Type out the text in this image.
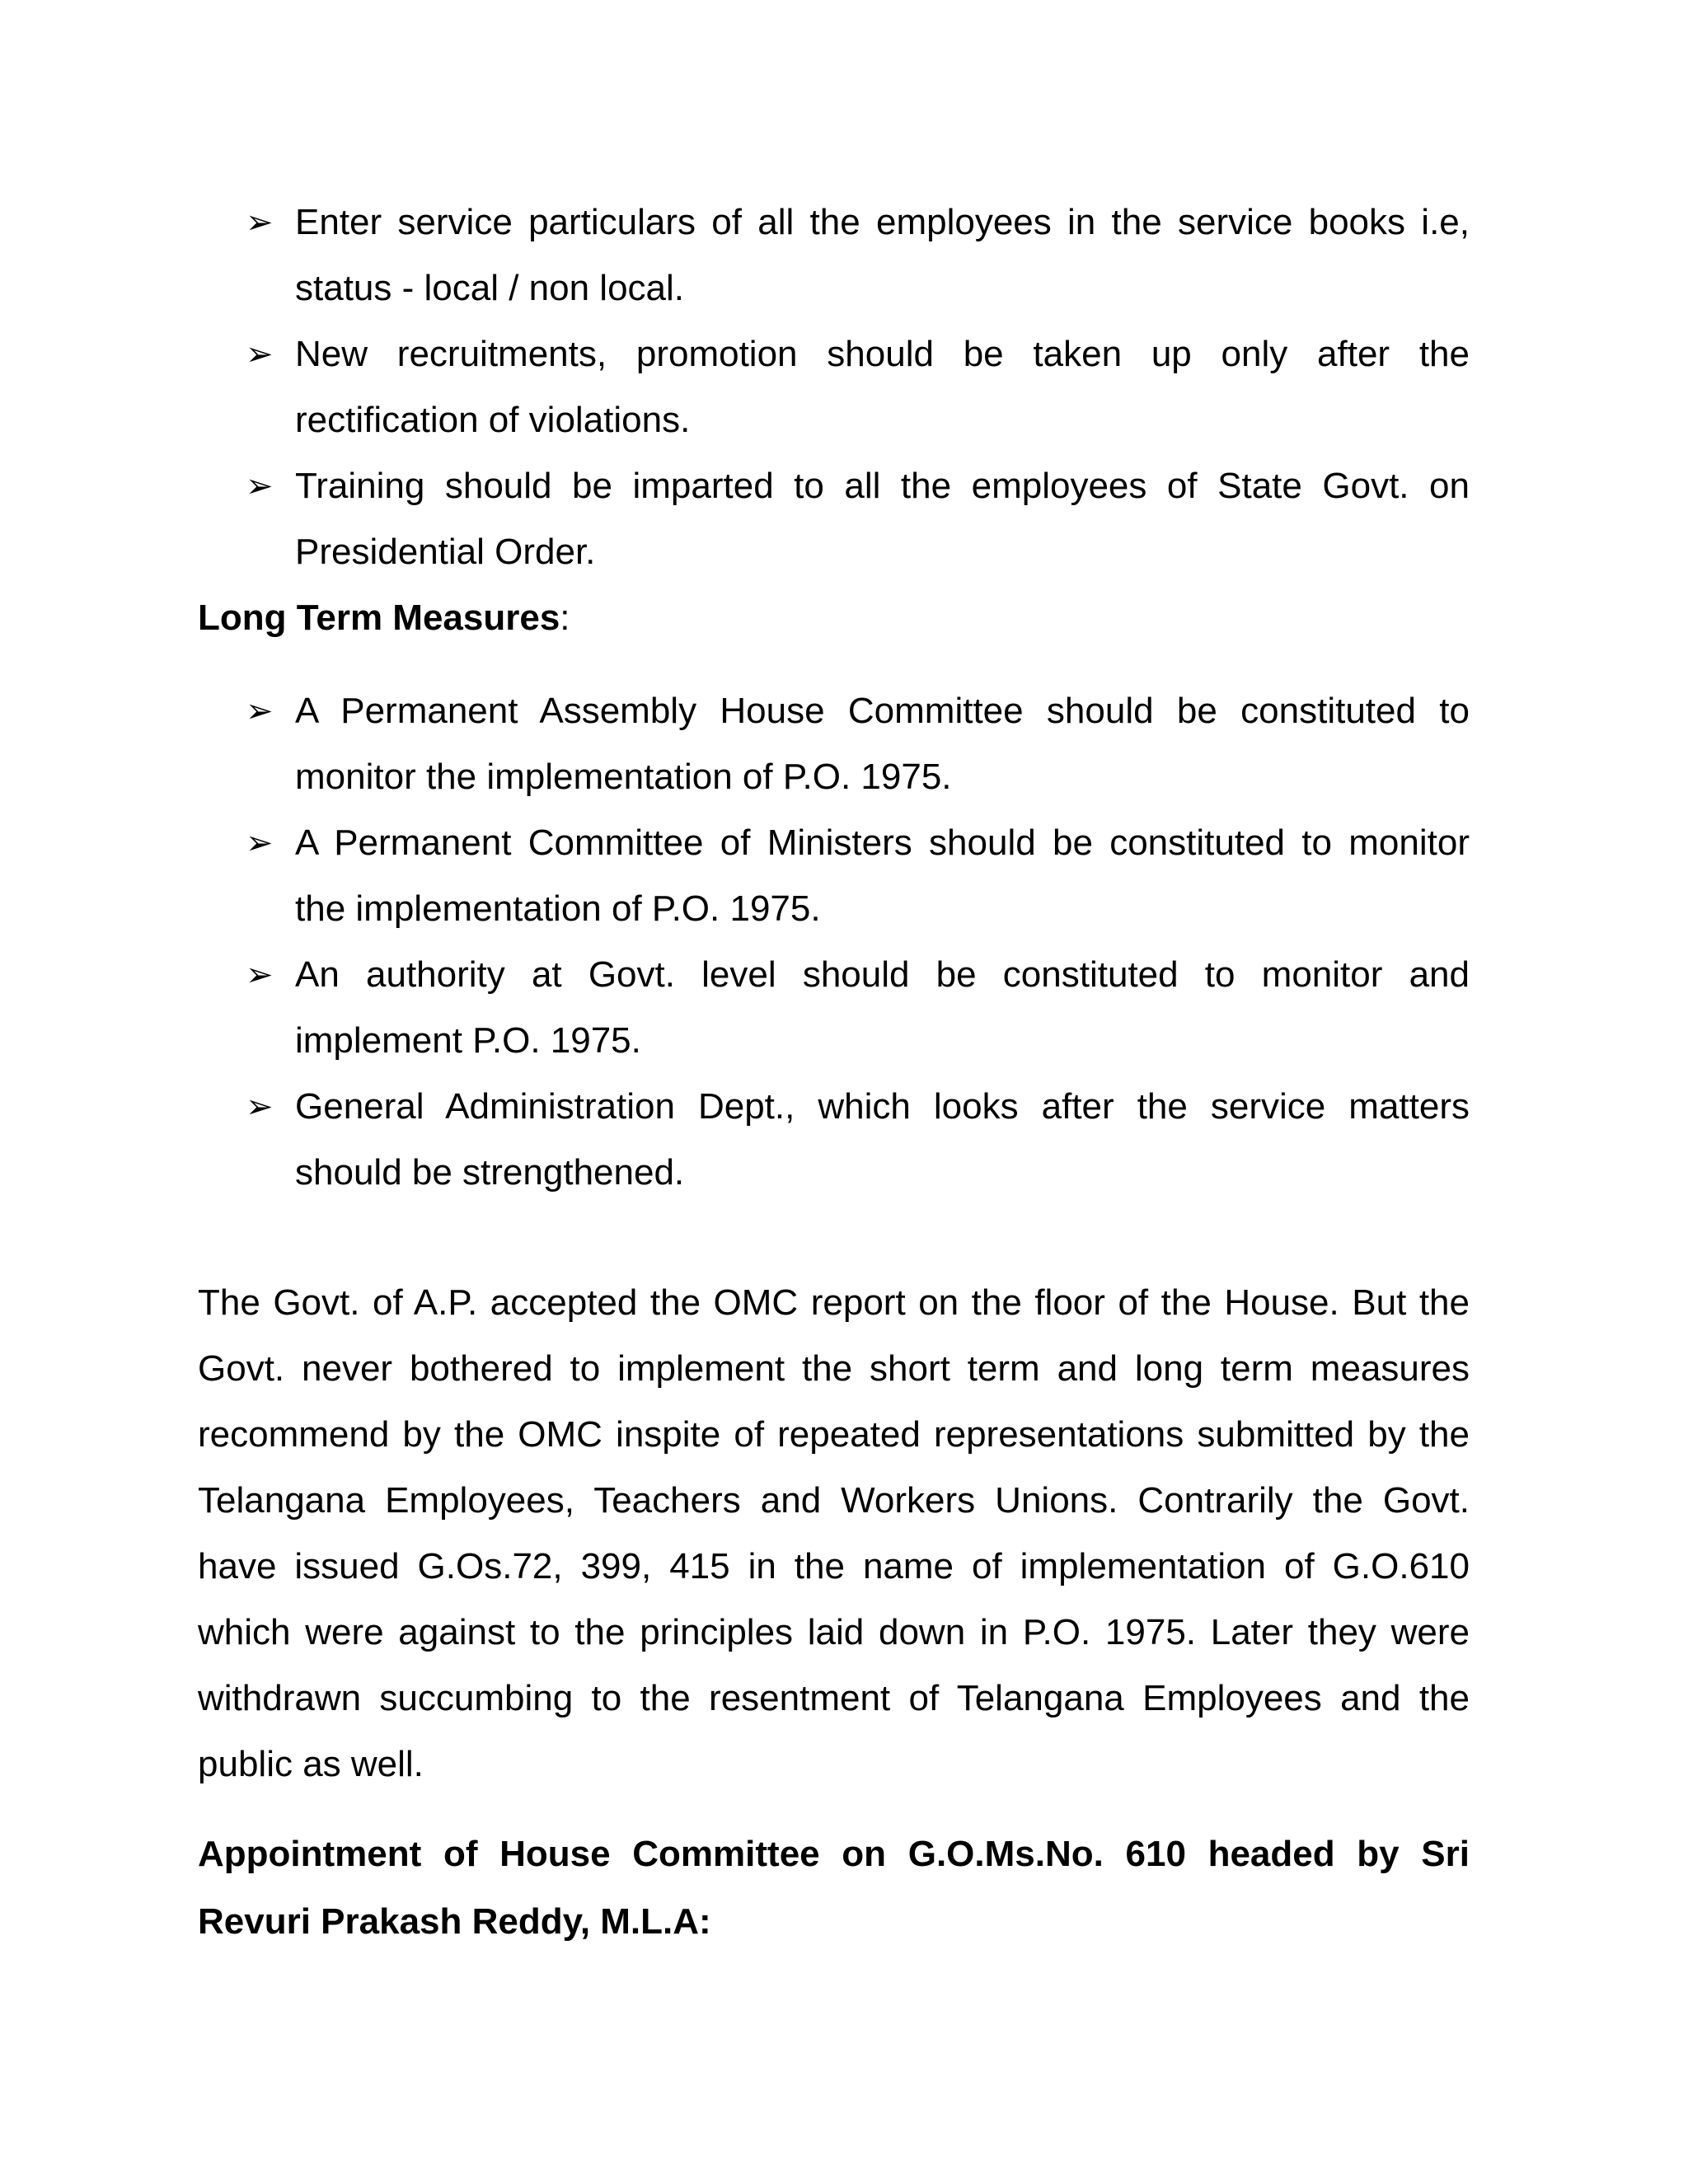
➢ Enter service particulars of all the employees in the service books i.e, status - local / non local.
➢ New recruitments, promotion should be taken up only after the rectification of violations.
➢ Training should be imparted to all the employees of State Govt. on Presidential Order.

Long Term Measures:

➢ A Permanent Assembly House Committee should be constituted to monitor the implementation of P.O. 1975.
➢ A Permanent Committee of Ministers should be constituted to monitor the implementation of P.O. 1975.
➢ An authority at Govt. level should be constituted to monitor and implement P.O. 1975.
➢ General Administration Dept., which looks after the service matters should be strengthened.

The Govt. of A.P. accepted the OMC report on the floor of the House. But the Govt. never bothered to implement the short term and long term measures recommend by the OMC inspite of repeated representations submitted by the Telangana Employees, Teachers and Workers Unions. Contrarily the Govt. have issued G.Os.72, 399, 415 in the name of implementation of G.O.610 which were against to the principles laid down in P.O. 1975. Later they were withdrawn succumbing to the resentment of Telangana Employees and the public as well.

Appointment of House Committee on G.O.Ms.No. 610 headed by Sri Revuri Prakash Reddy, M.L.A:
